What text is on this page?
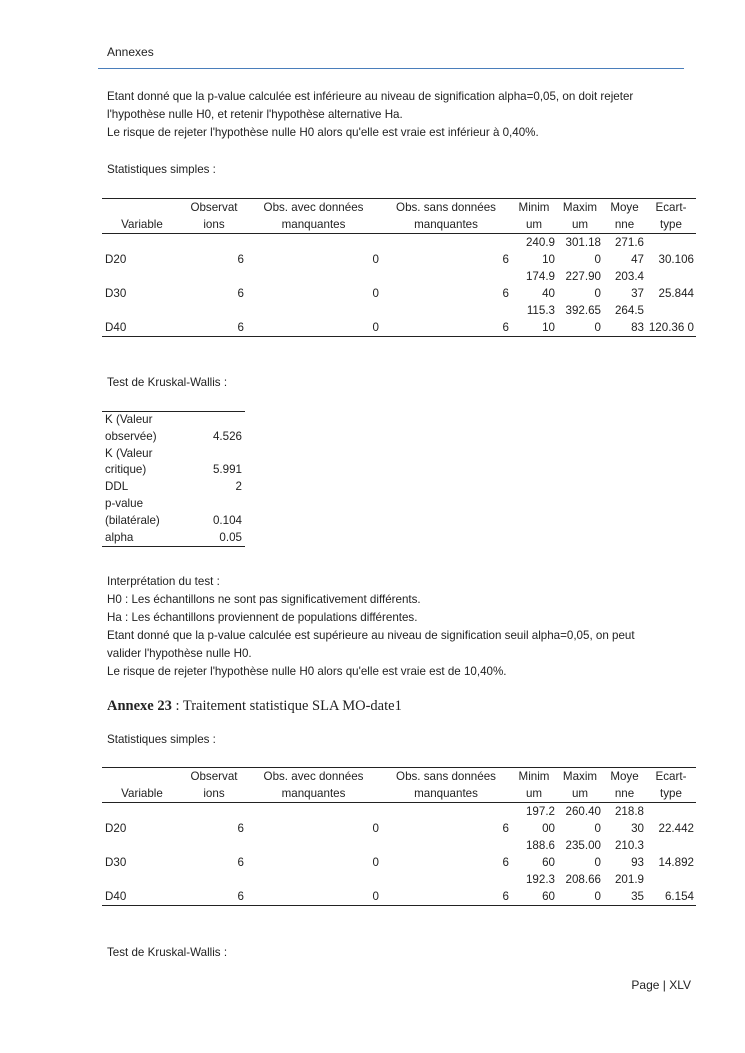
Annexes
Etant donné que la p-value calculée est inférieure au niveau de signification alpha=0,05, on doit rejeter
l'hypothèse nulle H0, et retenir l'hypothèse alternative Ha.
Le risque de rejeter l'hypothèse nulle H0 alors qu'elle est vraie est inférieur à 0,40%.
Statistiques simples :
Variable	Observat ions	Obs. avec données manquantes	Obs. sans données manquantes	Minim um	Maxim um	Moye nne	Ecart- type
D20	6	0	6	240.9 10	301.18 0	271.6 47	30.106
D30	6	0	6	174.9 40	227.90 0	203.4 37	25.844
D40	6	0	6	115.3 10	392.65 0	264.5 83	120.36 0
Test de Kruskal-Wallis :
K (Valeur
observée)	4.526

K (Valeur
critique)	5.991
DDL	2

p-value
(bilatérale)	0.104
alpha	0.05
Interprétation du test :
H0 : Les échantillons ne sont pas significativement différents.
Ha : Les échantillons proviennent de populations différentes.
Etant donné que la p-value calculée est supérieure au niveau de signification seuil alpha=0,05, on peut
valider l'hypothèse nulle H0.
Le risque de rejeter l'hypothèse nulle H0 alors qu'elle est vraie est de 10,40%.
Annexe 23 : Traitement statistique SLA MO-date1
Statistiques simples :
Variable	Observat ions	Obs. avec données manquantes	Obs. sans données manquantes	Minim um	Maxim um	Moye nne	Ecart- type
D20	6	0	6	197.2 00	260.40 0	218.8 30	22.442
D30	6	0	6	188.6 60	235.00 0	210.3 93	14.892
D40	6	0	6	192.3 60	208.66 0	201.9 35	6.154
Test de Kruskal-Wallis :
Page | XLV
